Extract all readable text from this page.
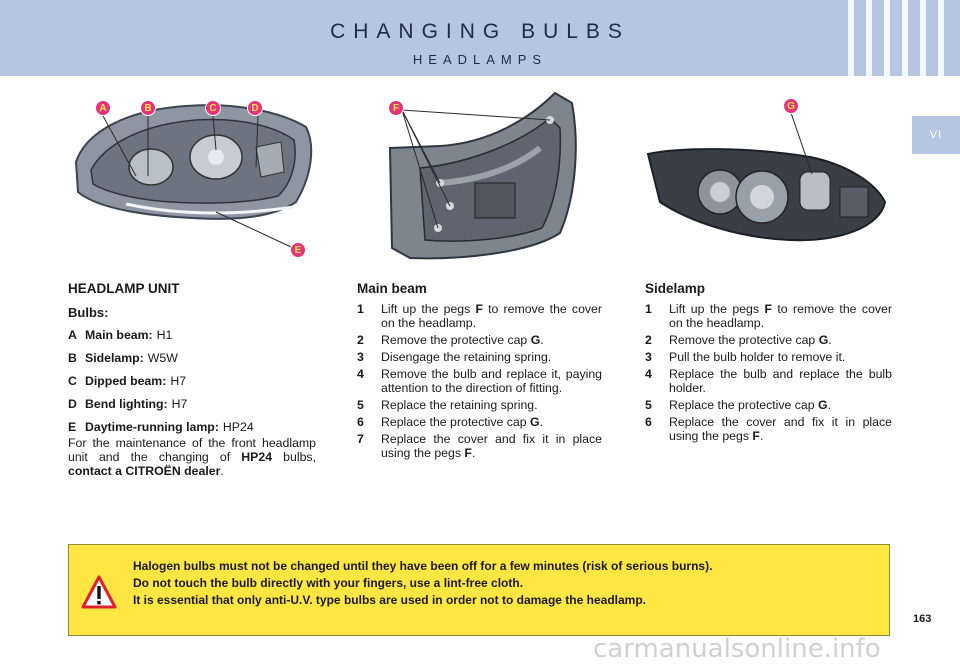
CHANGING BULBS
HEADLAMPS
VI
A	B	C	D
E
F	G
HEADLAMP UNIT
Bulbs:
A Main beam: H1
B Sidelamp: W5W
C Dipped beam: H7
D Bend lighting: H7
E Daytime-running lamp: HP24
For the maintenance of the front headlamp unit and the changing of HP24 bulbs, contact a CITROËN dealer.
Main beam
1	Lift up the pegs F to remove the cover on the headlamp.
2	Remove the protective cap G.
3	Disengage the retaining spring.
4	Remove the bulb and replace it, paying attention to the direction of fitting.
5	Replace the retaining spring.
6	Replace the protective cap G.
7	Replace the cover and fix it in place using the pegs F.
Sidelamp
1	Lift up the pegs F to remove the cover on the headlamp.
2	Remove the protective cap G.
3	Pull the bulb holder to remove it.
4	Replace the bulb and replace the bulb holder.
5	Replace the protective cap G.
6	Replace the cover and fix it in place using the pegs F.

Halogen bulbs must not be changed until they have been off for a few minutes (risk of serious burns).

Do not touch the bulb directly with your fingers, use a lint-free cloth.

It is essential that only anti-U.V. type bulbs are used in order not to damage the headlamp.

163
carmanualsonline.info
